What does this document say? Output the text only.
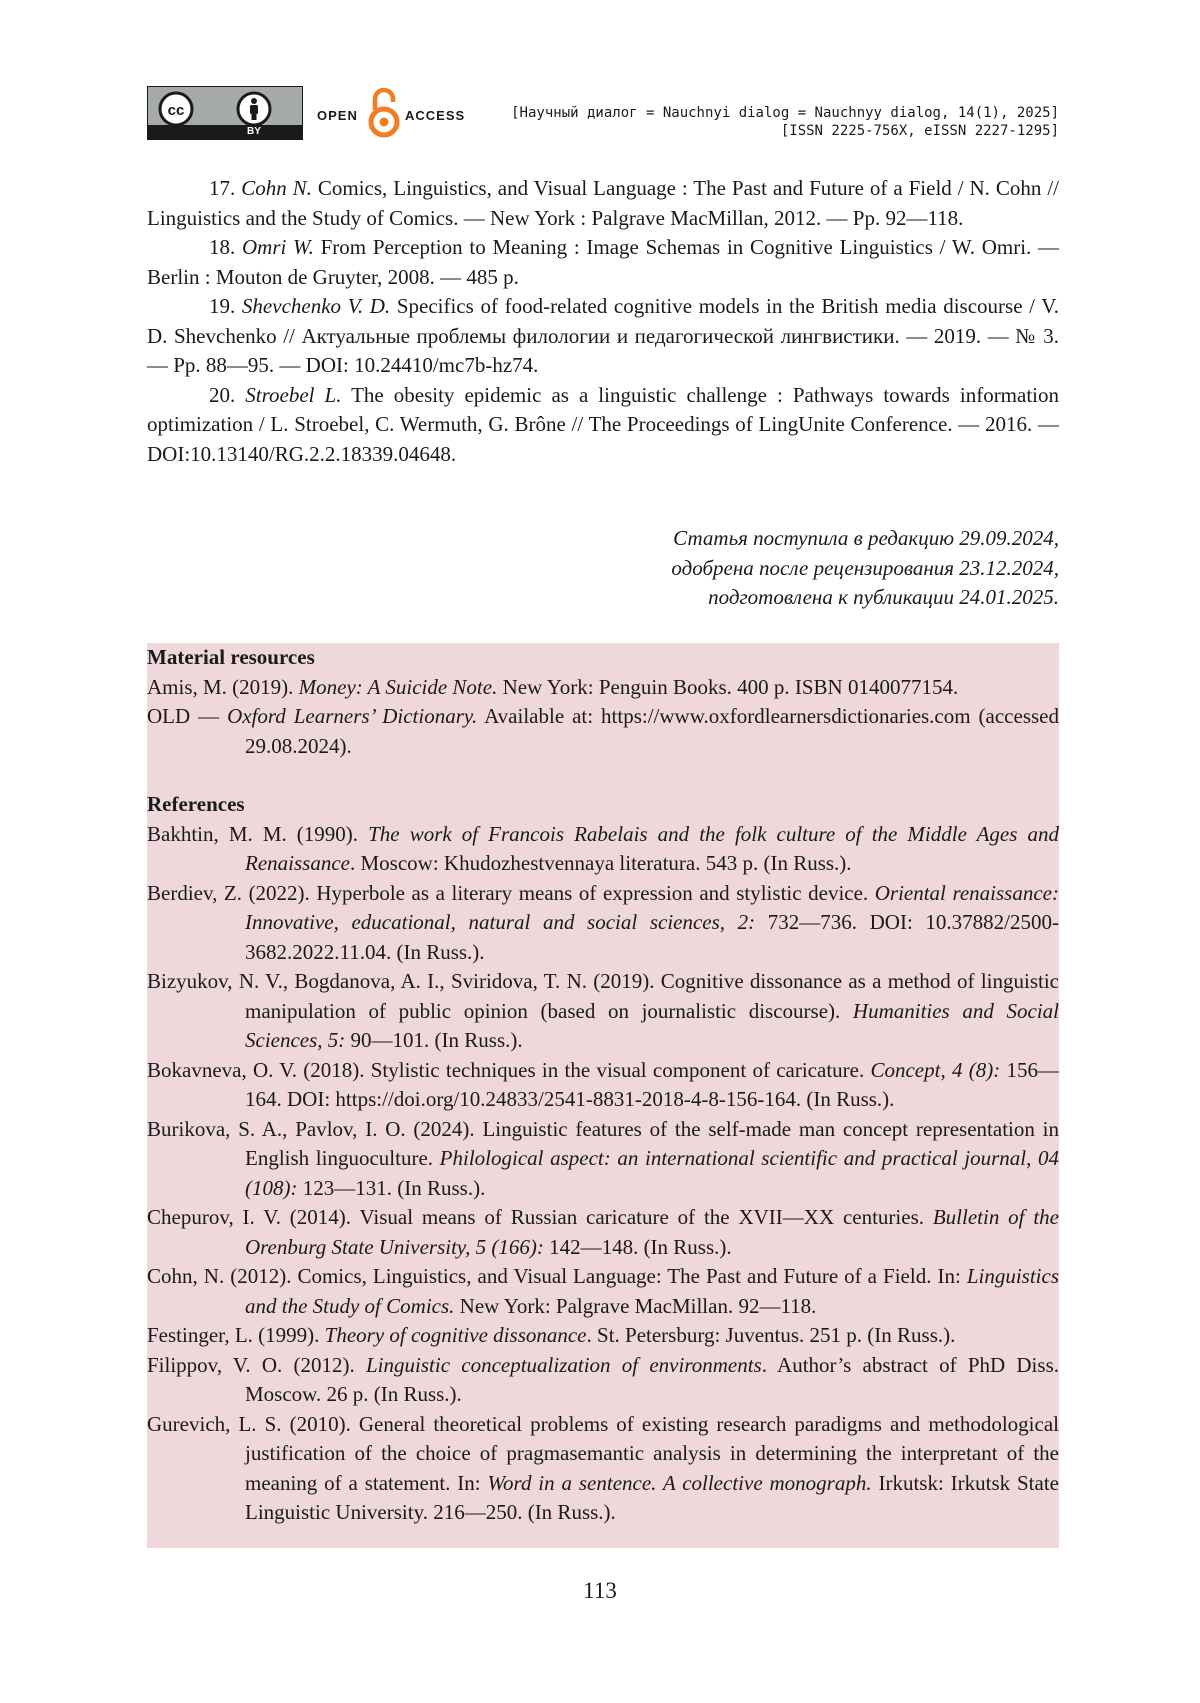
cc
BY
OPEN	ACCESS	[Научный диалог = Nauchnyi dialog = Nauchnyy dialog, 14(1), 2025]
[ISSN 2225-756X, eISSN 2227-1295]

17. Cohn N. Comics, Linguistics, and Visual Language : The Past and Future of a Field / N. Cohn // Linguistics and the Study of Comics. — New York : Palgrave MacMillan, 2012. — Pp. 92—118.

18. Omri W. From Perception to Meaning : Image Schemas in Cognitive Linguistics / W. Omri. — Berlin : Mouton de Gruyter, 2008. — 485 p.

19. Shevchenko V. D. Specifics of food-related cognitive models in the British media discourse / V. D. Shevchenko // Актуальные проблемы филологии и педагогической лингвистики. — 2019. — № 3. — Pp. 88—95. — DOI: 10.24410/mc7b-hz74.

20. Stroebel L. The obesity epidemic as a linguistic challenge : Pathways towards information optimization / L. Stroebel, C. Wermuth, G. Brône // The Proceedings of LingUnite Conference. — 2016. — DOI:10.13140/RG.2.2.18339.04648.

Статья поступила в редакцию 29.09.2024,
одобрена после рецензирования 23.12.2024,
подготовлена к публикации 24.01.2025.
Material resources

Amis, M. (2019). Money: A Suicide Note. New York: Penguin Books. 400 p. ISBN 0140077154.

OLD — Oxford Learners’ Dictionary. Available at: https://www.oxfordlearnersdictionaries.com (accessed 29.08.2024).

References

Bakhtin, M. M. (1990). The work of Francois Rabelais and the folk culture of the Middle Ages and Renaissance. Moscow: Khudozhestvennaya literatura. 543 p. (In Russ.).

Berdiev, Z. (2022). Hyperbole as a literary means of expression and stylistic device. Oriental renaissance: Innovative, educational, natural and social sciences, 2: 732—736. DOI: 10.37882/2500-3682.2022.11.04. (In Russ.).

Bizyukov, N. V., Bogdanova, A. I., Sviridova, T. N. (2019). Cognitive dissonance as a method of linguistic manipulation of public opinion (based on journalistic discourse). Humanities and Social Sciences, 5: 90—101. (In Russ.).

Bokavneva, O. V. (2018). Stylistic techniques in the visual component of caricature. Concept, 4 (8): 156—164. DOI: https://doi.org/10.24833/2541-8831-2018-4-8-156-164. (In Russ.).

Burikova, S. A., Pavlov, I. O. (2024). Linguistic features of the self-made man concept representation in English linguoculture. Philological aspect: an international scientific and practical journal, 04 (108): 123—131. (In Russ.).

Chepurov, I. V. (2014). Visual means of Russian caricature of the XVII—XX centuries. Bulletin of the Orenburg State University, 5 (166): 142—148. (In Russ.).

Cohn, N. (2012). Comics, Linguistics, and Visual Language: The Past and Future of a Field. In: Linguistics and the Study of Comics. New York: Palgrave MacMillan. 92—118.

Festinger, L. (1999). Theory of cognitive dissonance. St. Petersburg: Juventus. 251 p. (In Russ.).

Filippov, V. O. (2012). Linguistic conceptualization of environments. Author’s abstract of PhD Diss. Moscow. 26 p. (In Russ.).

Gurevich, L. S. (2010). General theoretical problems of existing research paradigms and methodological justification of the choice of pragmasemantic analysis in determining the interpretant of the meaning of a statement. In: Word in a sentence. A collective monograph. Irkutsk: Irkutsk State Linguistic University. 216—250. (In Russ.).

113
